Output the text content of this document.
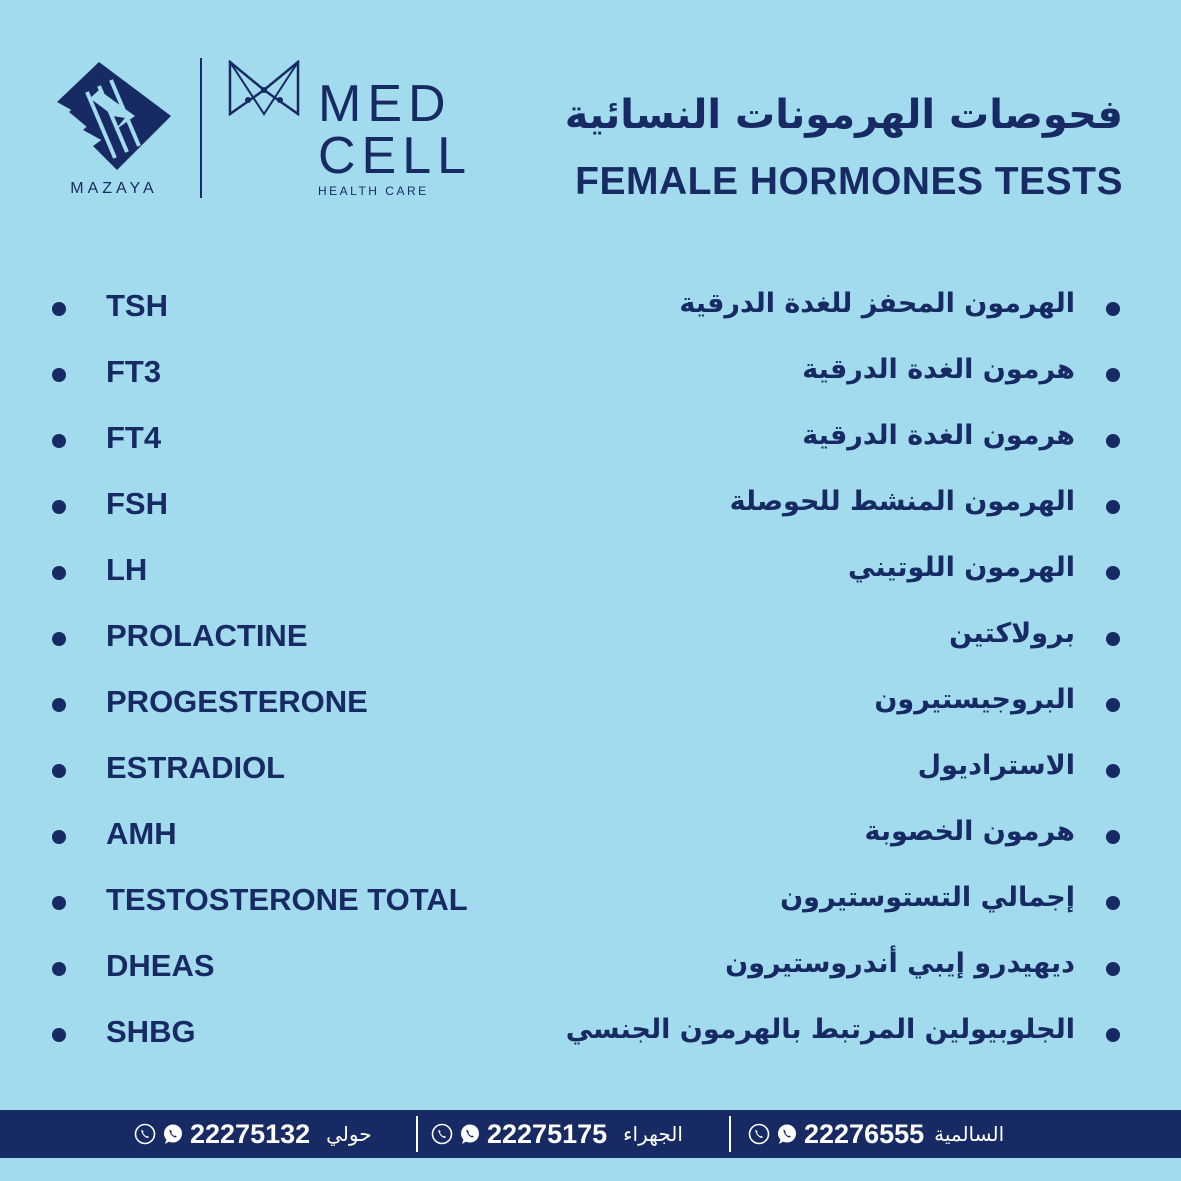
MAZAYA
MED
CELL
HEALTH CARE
فحوصات الهرمونات النسائية
FEMALE HORMONES TESTS
TSH	الهرمون المحفز للغدة الدرقية
FT3	هرمون الغدة الدرقية
FT4	هرمون الغدة الدرقية
FSH	الهرمون المنشط للحوصلة
LH	الهرمون اللوتيني
PROLACTINE	برولاكتين
PROGESTERONE	البروجيستيرون
ESTRADIOL	الاستراديول
AMH	هرمون الخصوبة
TESTOSTERONE TOTAL	إجمالي التستوستيرون
DHEAS	ديهيدرو إيبي أندروستيرون
SHBG	الجلوبيولين المرتبط بالهرمون الجنسي
22275132 حولي	22275175 الجهراء	22276555 السالمية
